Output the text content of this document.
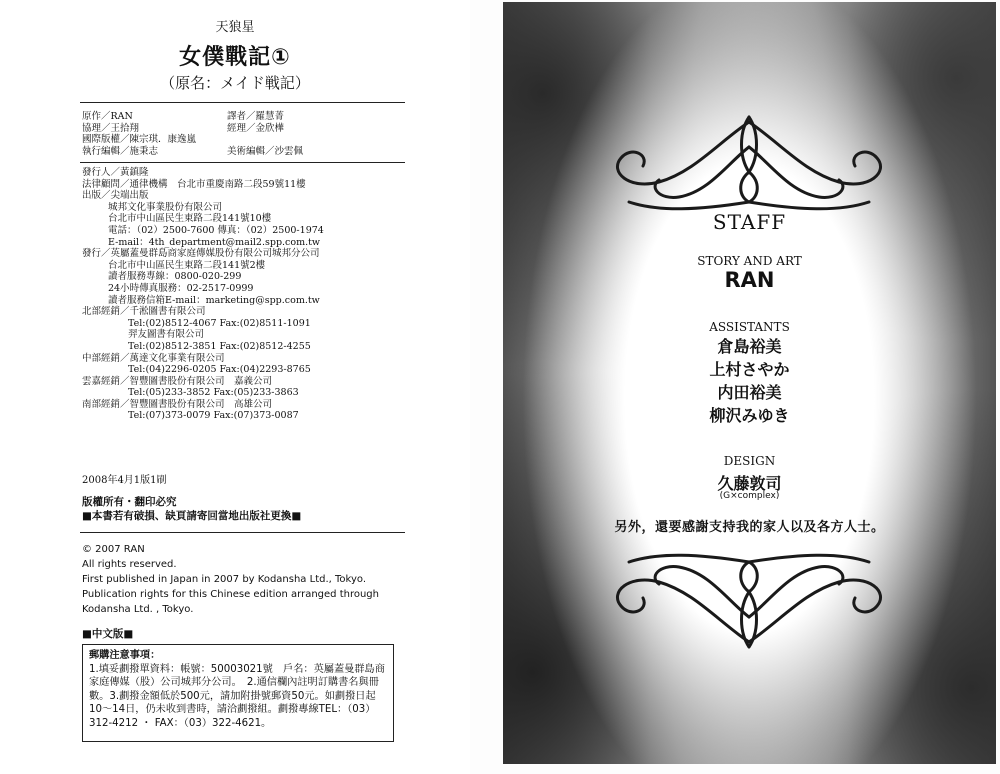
天狼星
女僕戰記①
（原名：メイド戦記）
原作／RAN	譯者／羅慧菁
協理／王拾翔	經理／金欣樺
國際版權／陳宗琪．康逸嵐
執行編輯／施秉志	美術編輯／沙雲佩
發行人／黃鎮隆
法律顧問／通律機構　台北市重慶南路二段59號11樓
出版／尖端出版
城邦文化事業股份有限公司
台北市中山區民生東路二段141號10樓
電話：（02）2500-7600 傳真：（02）2500-1974
E-mail：4th_department@mail2.spp.com.tw
發行／英屬蓋曼群島商家庭傳媒股份有限公司城邦分公司
台北市中山區民生東路二段141號2樓
讀者服務專線：0800-020-299
24小時傳真服務：02-2517-0999
讀者服務信箱E-mail：marketing@spp.com.tw
北部經銷／千淞圖書有限公司
Tel:(02)8512-4067 Fax:(02)8511-1091
羿友圖書有限公司
Tel:(02)8512-3851 Fax:(02)8512-4255
中部經銷／萬達文化事業有限公司
Tel:(04)2296-0205 Fax:(04)2293-8765
雲嘉經銷／智豐圖書股份有限公司　嘉義公司
Tel:(05)233-3852 Fax:(05)233-3863
南部經銷／智豐圖書股份有限公司　高雄公司
Tel:(07)373-0079 Fax:(07)373-0087
2008年4月1版1刷
版權所有・翻印必究
■本書若有破損、缺頁請寄回當地出版社更換■
© 2007 RAN
All rights reserved.
First published in Japan in 2007 by Kodansha Ltd., Tokyo.
Publication rights for this Chinese edition arranged through
Kodansha Ltd. , Tokyo.
■中文版■
郵購注意事項：
1.填妥劃撥單資料：帳號：50003021號　戶名：英屬蓋曼群島商
家庭傳媒（股）公司城邦分公司。　2.通信欄內註明訂購書名與冊
數。3.劃撥金額低於500元，請加附掛號郵資50元。如劃撥日起
10～14日，仍未收到書時，請洽劃撥組。劃撥專線TEL：（03）
312-4212 ・ FAX：（03）322-4621。
STAFF
STORY AND ART
RAN
ASSISTANTS
倉島裕美
上村さやか
内田裕美
柳沢みゆき
DESIGN
久藤敦司
(G×complex)
另外，還要感謝支持我的家人以及各方人士。
